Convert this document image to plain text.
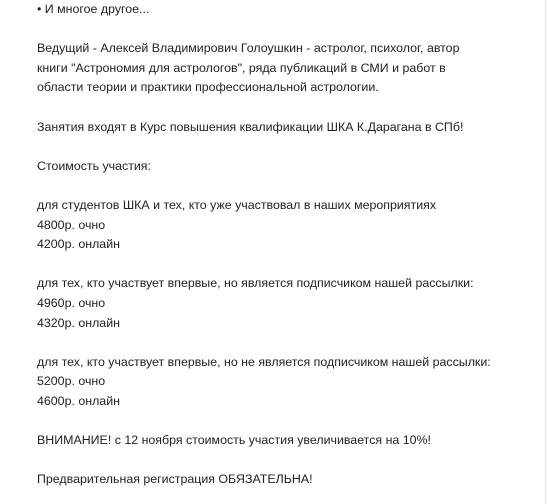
• И многое другое...

Ведущий - Алексей Владимирович Голоушкин - астролог, психолог, автор

книги "Астрономия для астрологов", ряда публикаций в СМИ и работ в

области теории и практики профессиональной астрологии.

Занятия входят в Курс повышения квалификации ШКА К.Дарагана в СПб!

Стоимость участия:

для студентов ШКА и тех, кто уже участвовал в наших мероприятиях

4800р. очно

4200р. онлайн

для тех, кто участвует впервые, но является подписчиком нашей рассылки:

4960р. очно

4320р. онлайн

для тех, кто участвует впервые, но не является подписчиком нашей рассылки:

5200р. очно

4600р. онлайн

ВНИМАНИЕ! с 12 ноября стоимость участия увеличивается на 10%!

Предварительная регистрация ОБЯЗАТЕЛЬНА!
